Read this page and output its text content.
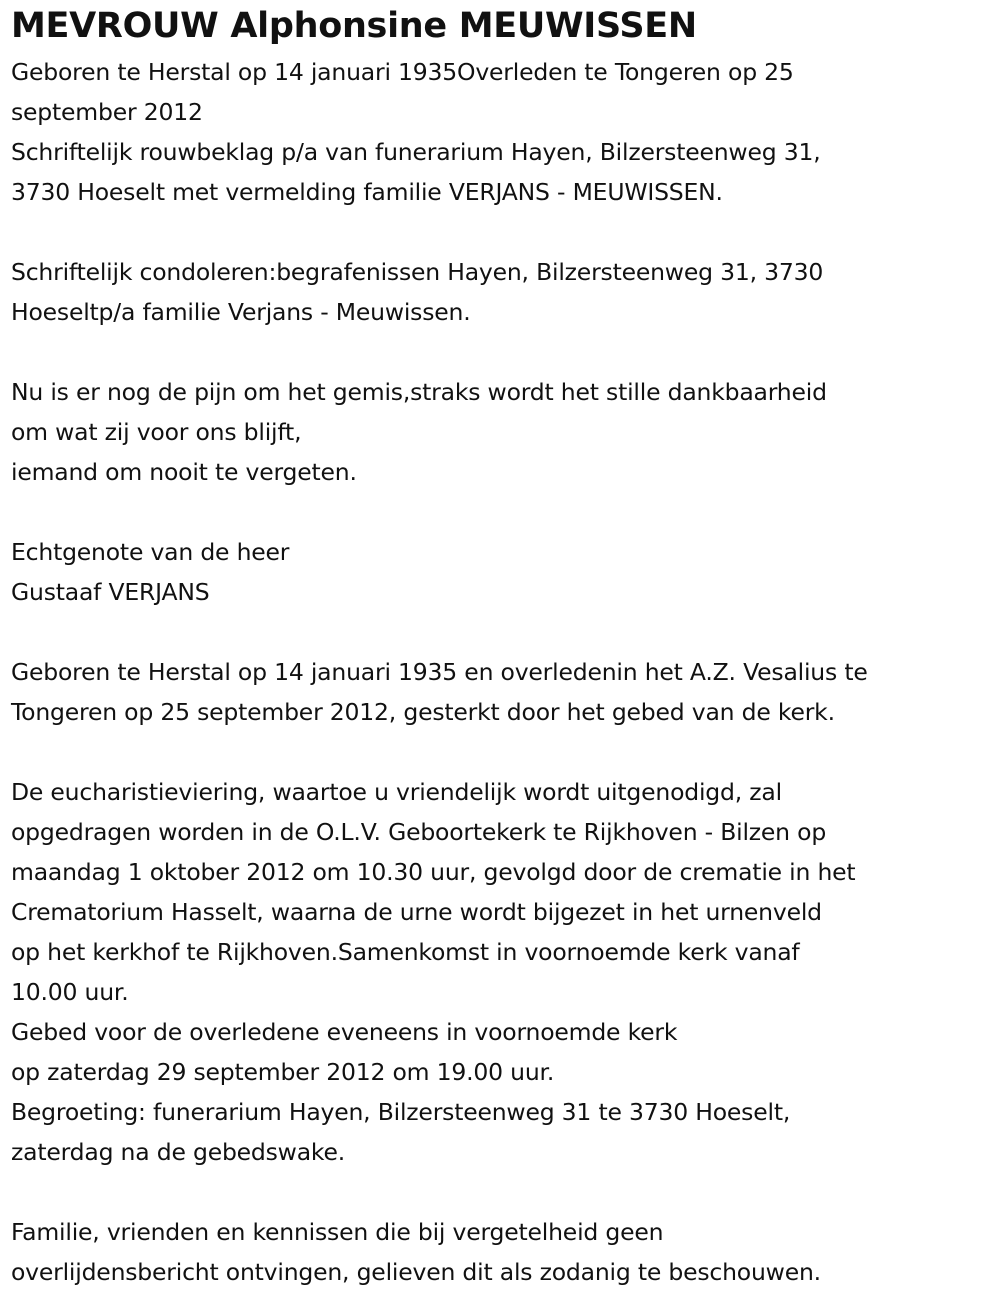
MEVROUW Alphonsine MEUWISSEN
Geboren te Herstal op 14 januari 1935Overleden te Tongeren op 25
september 2012
Schriftelijk rouwbeklag p/a van funerarium Hayen, Bilzersteenweg 31,
3730 Hoeselt met vermelding familie VERJANS - MEUWISSEN.
Schriftelijk condoleren:begrafenissen Hayen, Bilzersteenweg 31, 3730
Hoeseltp/a familie Verjans - Meuwissen.
Nu is er nog de pijn om het gemis,straks wordt het stille dankbaarheid
om wat zij voor ons blijft,
iemand om nooit te vergeten.
Echtgenote van de heer
Gustaaf VERJANS
Geboren te Herstal op 14 januari 1935 en overledenin het A.Z. Vesalius te
Tongeren op 25 september 2012, gesterkt door het gebed van de kerk.
De eucharistieviering, waartoe u vriendelijk wordt uitgenodigd, zal
opgedragen worden in de O.L.V. Geboortekerk te Rijkhoven - Bilzen op
maandag 1 oktober 2012 om 10.30 uur, gevolgd door de crematie in het
Crematorium Hasselt, waarna de urne wordt bijgezet in het urnenveld
op het kerkhof te Rijkhoven.Samenkomst in voornoemde kerk vanaf
10.00 uur.
Gebed voor de overledene eveneens in voornoemde kerk
op zaterdag 29 september 2012 om 19.00 uur.
Begroeting: funerarium Hayen, Bilzersteenweg 31 te 3730 Hoeselt,
zaterdag na de gebedswake.
Familie, vrienden en kennissen die bij vergetelheid geen
overlijdensbericht ontvingen, gelieven dit als zodanig te beschouwen.
